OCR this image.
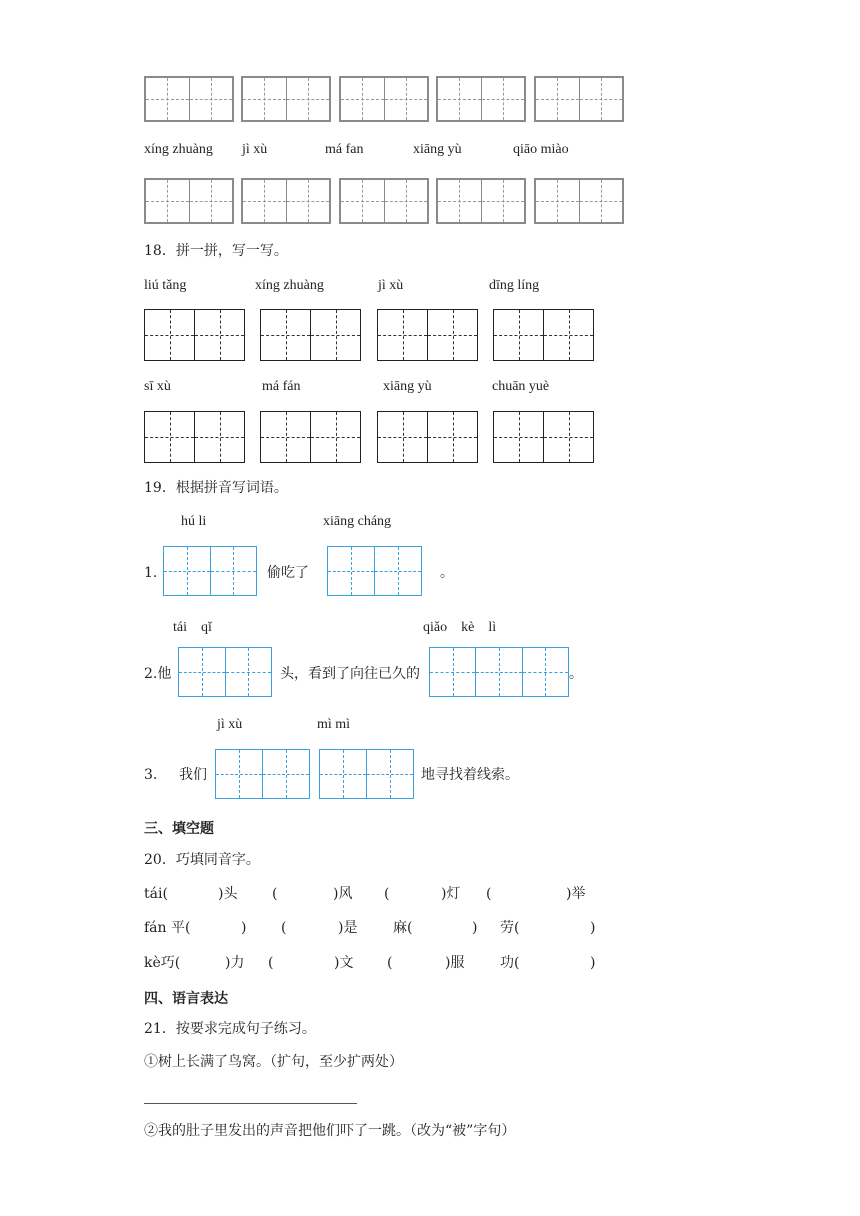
xíng zhuàng jì xù	má fan	xiāng yù	qiāo miào
18．拼一拼，写一写。
liú tǎng	xíng zhuàng	jì xù	dīng líng
sī xù	má fán	xiāng yù	chuān yuè
19．根据拼音写词语。
hú li	xiāng cháng
1.	偷吃了	。
tái　qǐ	qiǎo　kè　lì
2.他	头，看到了向往已久的	。
jì xù	mì mì
3. 我们	地寻找着线索。
三、填空题
20．巧填同音字。
tái(	)头 (	)风 (	)灯 (	)举
fán 平(	) (	)是	麻(	) 劳(	)
kè巧(	)力 (	)文 (	)服	功(	)
四、语言表达
21．按要求完成句子练习。
①树上长满了鸟窝。（扩句，至少扩两处）
②我的肚子里发出的声音把他们吓了一跳。（改为“被”字句）
